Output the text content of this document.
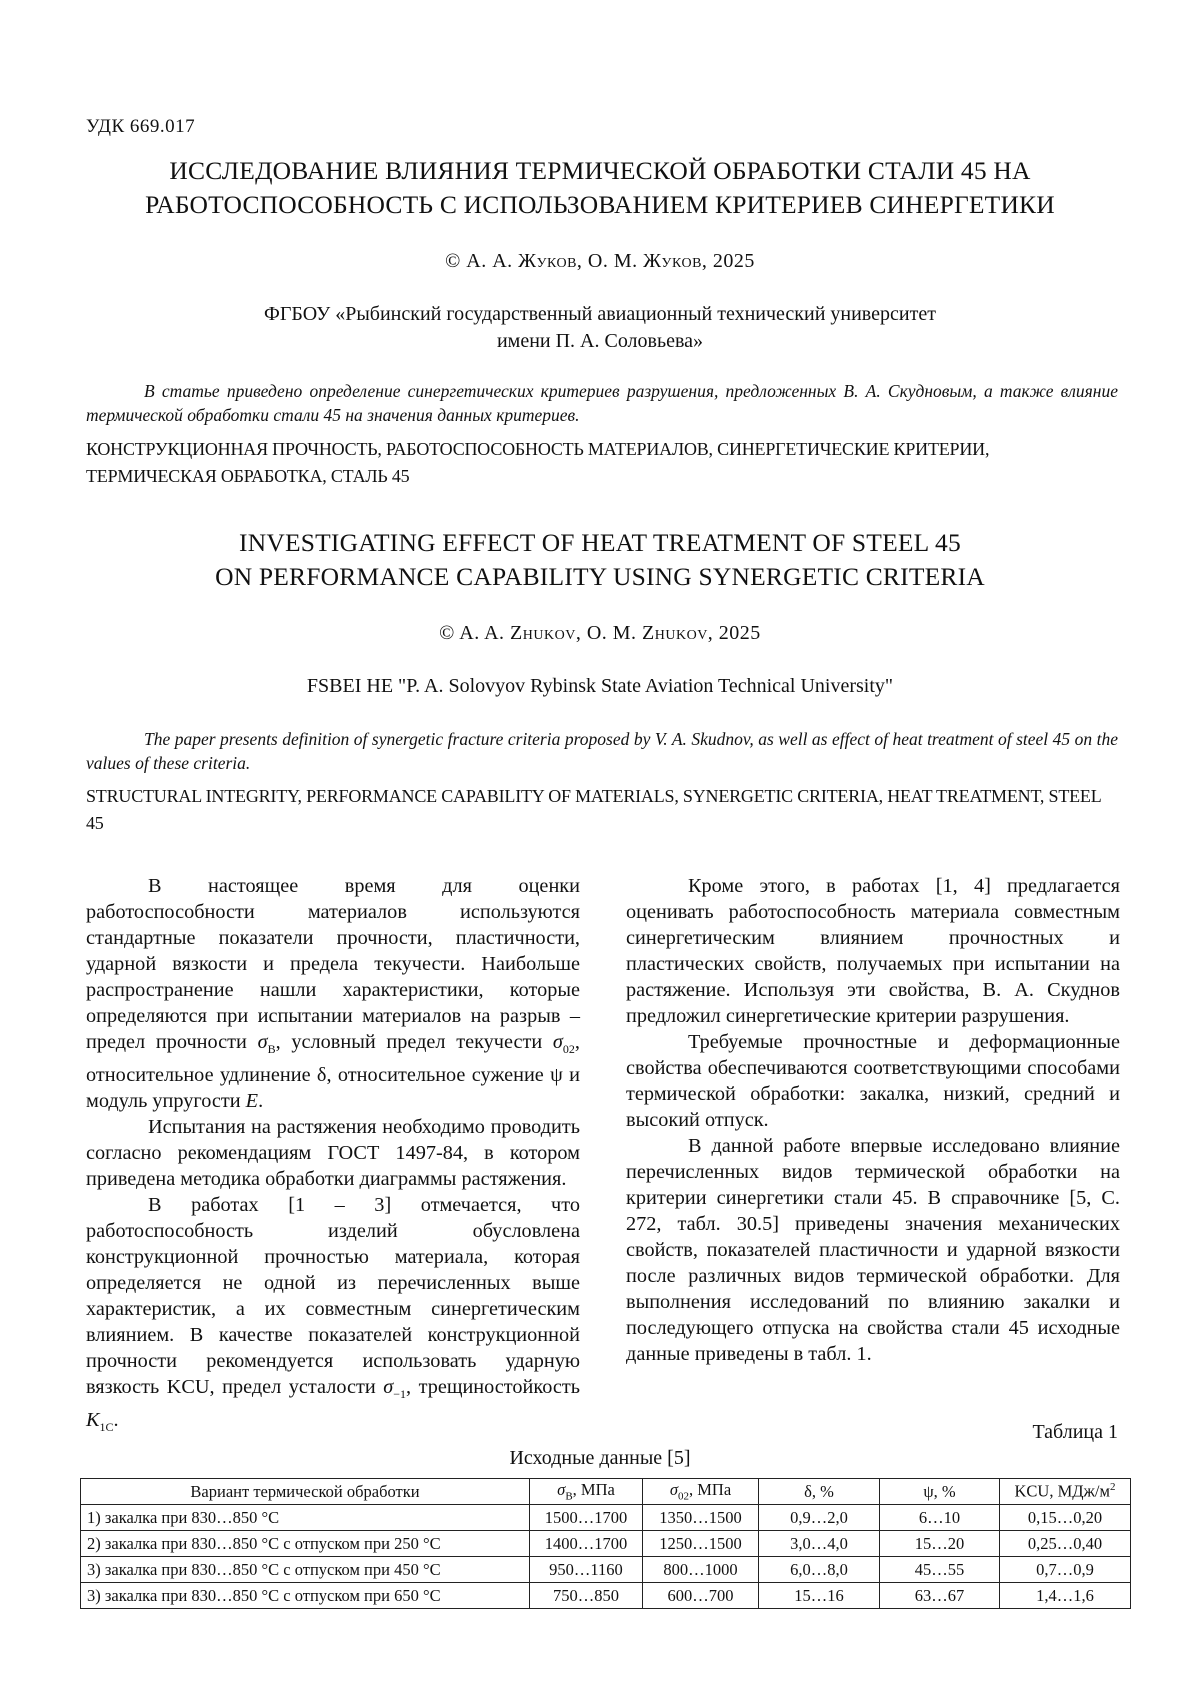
УДК 669.017
ИССЛЕДОВАНИЕ ВЛИЯНИЯ ТЕРМИЧЕСКОЙ ОБРАБОТКИ СТАЛИ 45 НА
РАБОТОСПОСОБНОСТЬ С ИСПОЛЬЗОВАНИЕМ КРИТЕРИЕВ СИНЕРГЕТИКИ
© А. А. Жуков, О. М. Жуков, 2025
ФГБОУ «Рыбинский государственный авиационный технический университет
имени П. А. Соловьева»
В статье приведено определение синергетических критериев разрушения, предложенных В. А. Скудновым, а также влияние термической обработки стали 45 на значения данных критериев.
КОНСТРУКЦИОННАЯ ПРОЧНОСТЬ, РАБОТОСПОСОБНОСТЬ МАТЕРИАЛОВ, СИНЕРГЕТИЧЕСКИЕ КРИТЕРИИ, ТЕРМИЧЕСКАЯ ОБРАБОТКА, СТАЛЬ 45
INVESTIGATING EFFECT OF HEAT TREATMENT OF STEEL 45
ON PERFORMANCE CAPABILITY USING SYNERGETIC CRITERIA
© A. A. Zhukov, O. M. Zhukov, 2025
FSBEI HE "P. A. Solovyov Rybinsk State Aviation Technical University"
The paper presents definition of synergetic fracture criteria proposed by V. A. Skudnov, as well as effect of heat treatment of steel 45 on the values of these criteria.
STRUCTURAL INTEGRITY, PERFORMANCE CAPABILITY OF MATERIALS, SYNERGETIC CRITERIA, HEAT TREATMENT, STEEL 45

В настоящее время для оценки работоспособности материалов используются стандартные показатели прочности, пластичности, ударной вязкости и предела текучести. Наибольше распространение нашли характеристики, которые определяются при испытании материалов на разрыв – предел прочности $\sigma_В$, условный предел текучести $\sigma_{02}$, относительное удлинение δ, относительное сужение ψ и модуль упругости E.

Испытания на растяжения необходимо проводить согласно рекомендациям ГОСТ 1497-84, в котором приведена методика обработки диаграммы растяжения.

В работах [1 – 3] отмечается, что работоспособность изделий обусловлена конструкционной прочностью материала, которая определяется не одной из перечисленных выше характеристик, а их совместным синергетическим влиянием. В качестве показателей конструкционной прочности рекомендуется использовать ударную вязкость KCU, предел усталости $\sigma_{-1}$, трещиностойкость $K_{1С}$.

Кроме этого, в работах [1, 4] предлагается оценивать работоспособность материала совместным синергетическим влиянием прочностных и пластических свойств, получаемых при испытании на растяжение. Используя эти свойства, В. А. Скуднов предложил синергетические критерии разрушения.

Требуемые прочностные и деформационные свойства обеспечиваются соответствующими способами термической обработки: закалка, низкий, средний и высокий отпуск.

В данной работе впервые исследовано влияние перечисленных видов термической обработки на критерии синергетики стали 45. В справочнике [5, С. 272, табл. 30.5] приведены значения механических свойств, показателей пластичности и ударной вязкости после различных видов термической обработки. Для выполнения исследований по влиянию закалки и последующего отпуска на свойства стали 45 исходные данные приведены в табл. 1.

Таблица 1
Исходные данные [5]
Вариант термической обработки	$\sigma_В$, МПа	$\sigma_{02}$, МПа	δ, %	ψ, %	KCU, МДж/$м^2$
1) закалка при 830…850 °С	1500…1700	1350…1500	0,9…2,0	6…10	0,15…0,20
2) закалка при 830…850 °С с отпуском при 250 °С	1400…1700	1250…1500	3,0…4,0	15…20	0,25…0,40
3) закалка при 830…850 °С с отпуском при 450 °С	950…1160	800…1000	6,0…8,0	45…55	0,7…0,9
3) закалка при 830…850 °С с отпуском при 650 °С	750…850	600…700	15…16	63…67	1,4…1,6
